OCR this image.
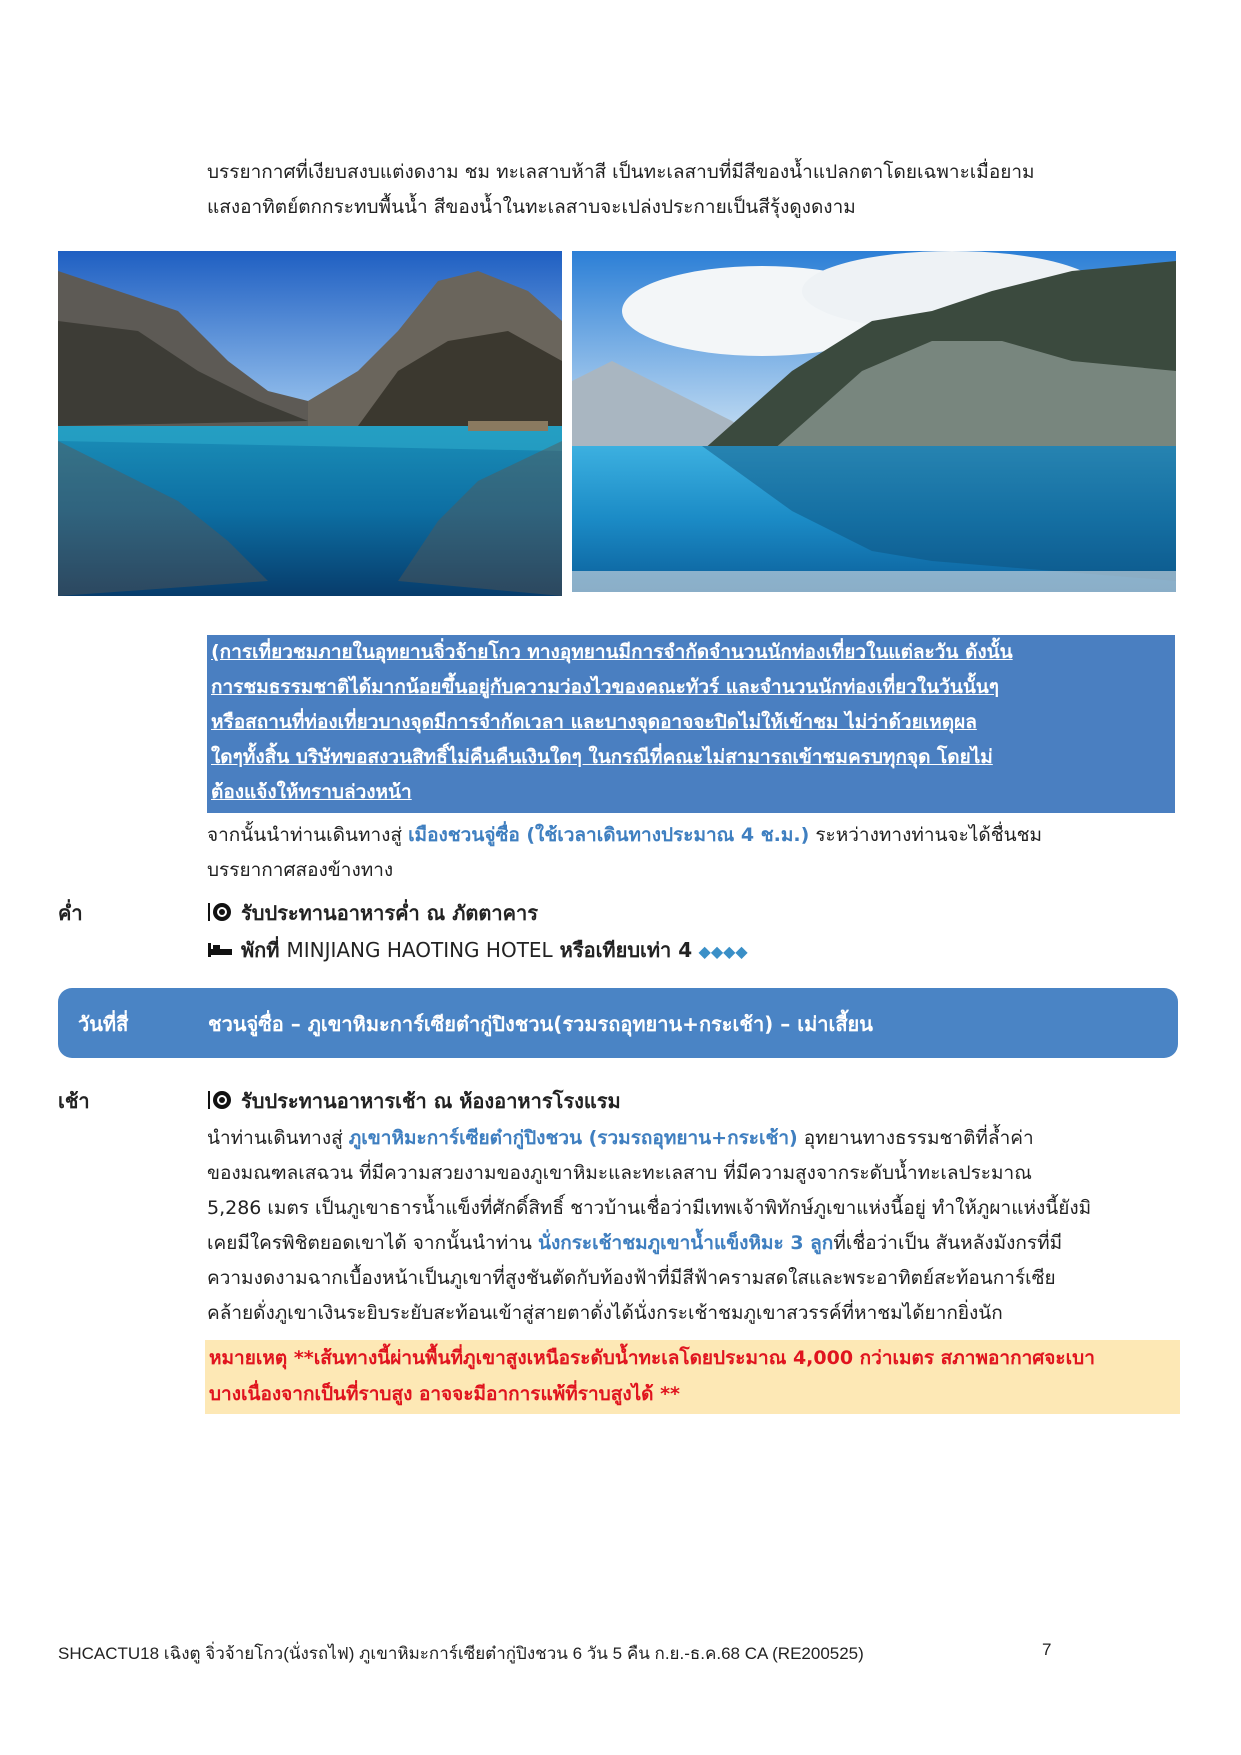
บรรยากาศที่เงียบสงบแต่งดงาม ชม ทะเลสาบห้าสี เป็นทะเลสาบที่มีสีของน้ำแปลกตาโดยเฉพาะเมื่อยาม
แสงอาทิตย์ตกกระทบพื้นน้ำ สีของน้ำในทะเลสาบจะเปล่งประกายเป็นสีรุ้งดูงดงาม
(การเที่ยวชมภายในอุทยานจิ่วจ้ายโกว ทางอุทยานมีการจำกัดจำนวนนักท่องเที่ยวในแต่ละวัน ดังนั้น
การชมธรรมชาติได้มากน้อยขึ้นอยู่กับความว่องไวของคณะทัวร์ และจำนวนนักท่องเที่ยวในวันนั้นๆ
หรือสถานที่ท่องเที่ยวบางจุดมีการจำกัดเวลา และบางจุดอาจจะปิดไม่ให้เข้าชม ไม่ว่าด้วยเหตุผล
ใดๆทั้งสิ้น บริษัทขอสงวนสิทธิ์ไม่คืนคืนเงินใดๆ ในกรณีที่คณะไม่สามารถเข้าชมครบทุกจุด โดยไม่
ต้องแจ้งให้ทราบล่วงหน้า
จากนั้นนำท่านเดินทางสู่ เมืองชวนจู่ซื่อ (ใช้เวลาเดินทางประมาณ 4 ช.ม.) ระหว่างทางท่านจะได้ชื่นชม
บรรยากาศสองข้างทาง
ค่ำ	รับประทานอาหารค่ำ ณ ภัตตาคาร
พักที่ MINJIANG HAOTING HOTEL หรือเทียบเท่า 4 ◆◆◆◆
วันที่สี่	ชวนจู่ซื่อ – ภูเขาหิมะการ์เซียต๋ากู่ปิงชวน(รวมรถอุทยาน+กระเช้า) – เม่าเสี้ยน
เช้า	รับประทานอาหารเช้า ณ ห้องอาหารโรงแรม
นำท่านเดินทางสู่ ภูเขาหิมะการ์เซียต๋ากู่ปิงชวน (รวมรถอุทยาน+กระเช้า) อุทยานทางธรรมชาติที่ล้ำค่า
ของมณฑลเสฉวน ที่มีความสวยงามของภูเขาหิมะและทะเลสาบ ที่มีความสูงจากระดับน้ำทะเลประมาณ
5,286 เมตร เป็นภูเขาธารน้ำแข็งที่ศักดิ์สิทธิ์ ชาวบ้านเชื่อว่ามีเทพเจ้าพิทักษ์ภูเขาแห่งนี้อยู่ ทำให้ภูผาแห่งนี้ยังมิ
เคยมีใครพิชิตยอดเขาได้ จากนั้นนำท่าน นั่งกระเช้าชมภูเขาน้ำแข็งหิมะ 3 ลูกที่เชื่อว่าเป็น สันหลังมังกรที่มี
ความงดงามฉากเบื้องหน้าเป็นภูเขาที่สูงชันตัดกับท้องฟ้าที่มีสีฟ้าครามสดใสและพระอาทิตย์สะท้อนการ์เซีย
คล้ายดั่งภูเขาเงินระยิบระยับสะท้อนเข้าสู่สายตาดั่งได้นั่งกระเช้าชมภูเขาสวรรค์ที่หาชมได้ยากยิ่งนัก
หมายเหตุ **เส้นทางนี้ผ่านพื้นที่ภูเขาสูงเหนือระดับน้ำทะเลโดยประมาณ 4,000 กว่าเมตร สภาพอากาศจะเบา
บางเนื่องจากเป็นที่ราบสูง อาจจะมีอาการแพ้ที่ราบสูงได้ **
SHCACTU18 เฉิงตู จิ่วจ้ายโกว(นั่งรถไฟ) ภูเขาหิมะการ์เซียต๋ากู่ปิงชวน 6 วัน 5 คืน ก.ย.-ธ.ค.68 CA (RE200525)	7
